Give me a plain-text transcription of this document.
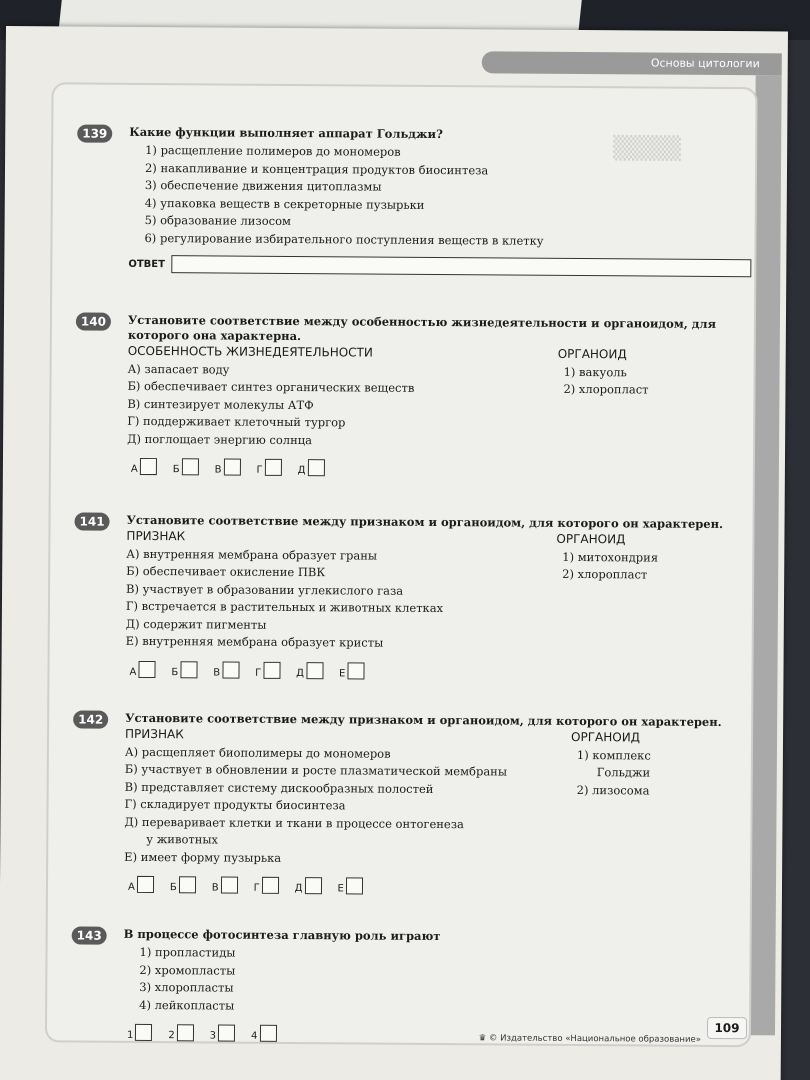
Основы цитологии
▒▒▒▒
139	Какие функции выполняет аппарат Гольджи?
1) расщепление полимеров до мономеров
2) накапливание и концентрация продуктов биосинтеза
3) обеспечение движения цитоплазмы
4) упаковка веществ в секреторные пузырьки
5) образование лизосом
6) регулирование избирательного поступления веществ в клетку
ОТВЕТ
140	Установите соответствие между особенностью жизнедеятельности и органоидом, для которого она характерна.
ОСОБЕННОСТЬ ЖИЗНЕДЕЯТЕЛЬНОСТИ
А) запасает воду
Б) обеспечивает синтез органических веществ
В) синтезирует молекулы АТФ
Г) поддерживает клеточный тургор
Д) поглощает энергию солнца
ОРГАНОИД
1) вакуоль
2) хлоропласт
А	Б	В	Г	Д
141	Установите соответствие между признаком и органоидом, для которого он характерен.
ПРИЗНАК
А) внутренняя мембрана образует граны
Б) обеспечивает окисление ПВК
В) участвует в образовании углекислого газа
Г) встречается в растительных и животных клетках
Д) содержит пигменты
Е) внутренняя мембрана образует кристы
ОРГАНОИД
1) митохондрия
2) хлоропласт
А	Б	В	Г	Д	Е
142	Установите соответствие между признаком и органоидом, для которого он характерен.
ПРИЗНАК
А) расщепляет биополимеры до мономеров
Б) участвует в обновлении и росте плазматической мембраны
В) представляет систему дискообразных полостей
Г) складирует продукты биосинтеза
Д) переваривает клетки и ткани в процессе онтогенеза
у животных
Е) имеет форму пузырька
ОРГАНОИД
1) комплекс
Гольджи
2) лизосома
А	Б	В	Г	Д	Е
143	В процессе фотосинтеза главную роль играют
1) пропластиды
2) хромопласты
3) хлоропласты
4) лейкопласты
1	2	3	4
109
♛ © Издательство «Национальное образование»
